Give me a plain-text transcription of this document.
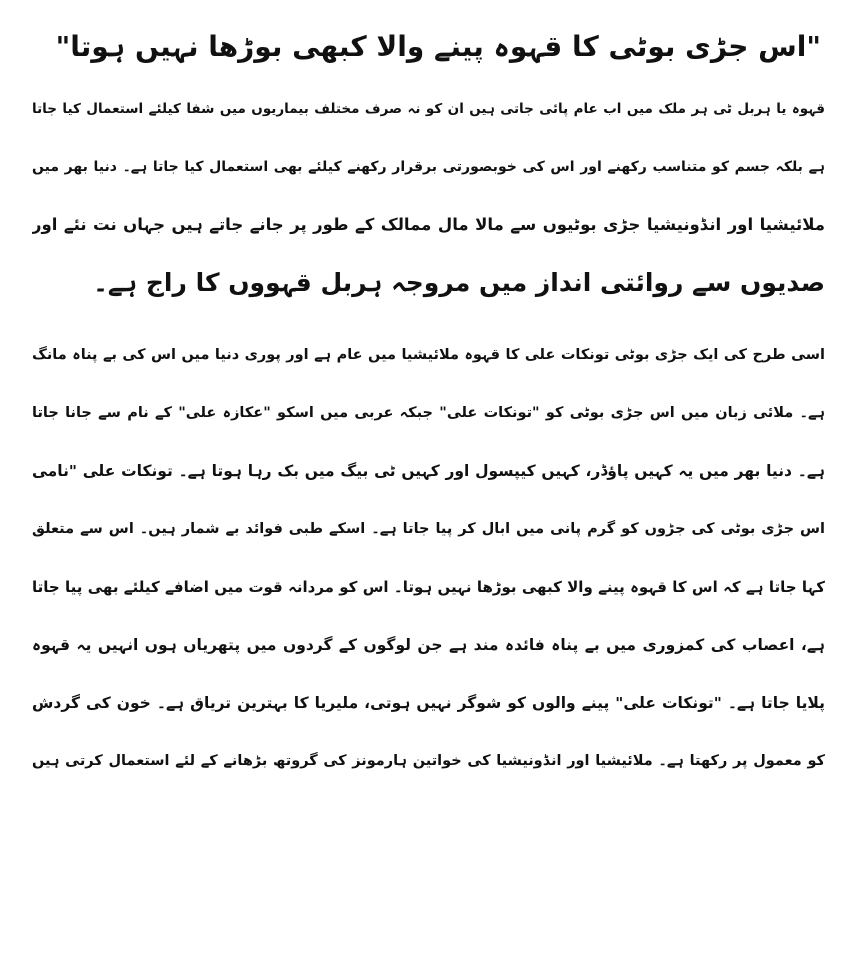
"اس جڑی بوٹی کا قہوہ پینے والا کبھی بوڑھا نہیں ہوتا"
قہوہ یا ہربل ٹی ہر ملک میں اب عام پائی جاتی ہیں ان کو نہ صرف مختلف بیماریوں میں شفا کیلئے استعمال کیا جاتا
ہے بلکہ جسم کو متناسب رکھنے اور اس کی خوبصورتی برقرار رکھنے کیلئے بھی استعمال کیا جاتا ہے۔ دنیا بھر میں
ملائیشیا اور انڈونیشیا جڑی بوٹیوں سے مالا مال ممالک کے طور پر جانے جاتے ہیں جہاں نت نئے اور
صدیوں سے روائتی انداز میں مروجہ ہربل قہووں کا راج ہے۔
اسی طرح کی ایک جڑی بوٹی تونکات علی کا قہوہ ملائیشیا میں عام ہے اور پوری دنیا میں اس کی بے پناہ مانگ
ہے۔ ملائی زبان میں اس جڑی بوٹی کو "تونکات علی" جبکہ عربی میں اسکو "عکازہ علی" کے نام سے جانا جاتا
ہے۔ دنیا بھر میں یہ کہیں پاؤڈر، کہیں کیپسول اور کہیں ٹی بیگ میں بک رہا ہوتا ہے۔ تونکات علی "نامی
اس جڑی بوٹی کی جڑوں کو گرم پانی میں ابال کر پیا جاتا ہے۔ اسکے طبی فوائد بے شمار ہیں۔ اس سے متعلق
کہا جاتا ہے کہ اس کا قہوہ پینے والا کبھی بوڑھا نہیں ہوتا۔ اس کو مردانہ قوت میں اضافے کیلئے بھی پیا جاتا
ہے، اعصاب کی کمزوری میں بے پناہ فائدہ مند ہے جن لوگوں کے گردوں میں پتھریاں ہوں انہیں یہ قہوہ
پلایا جاتا ہے۔ "تونکات علی" پینے والوں کو شوگر نہیں ہوتی، ملیریا کا بہترین تریاق ہے۔ خون کی گردش
کو معمول پر رکھتا ہے۔ ملائیشیا اور انڈونیشیا کی خواتین ہارمونز کی گروتھ بڑھانے کے لئے استعمال کرتی ہیں
